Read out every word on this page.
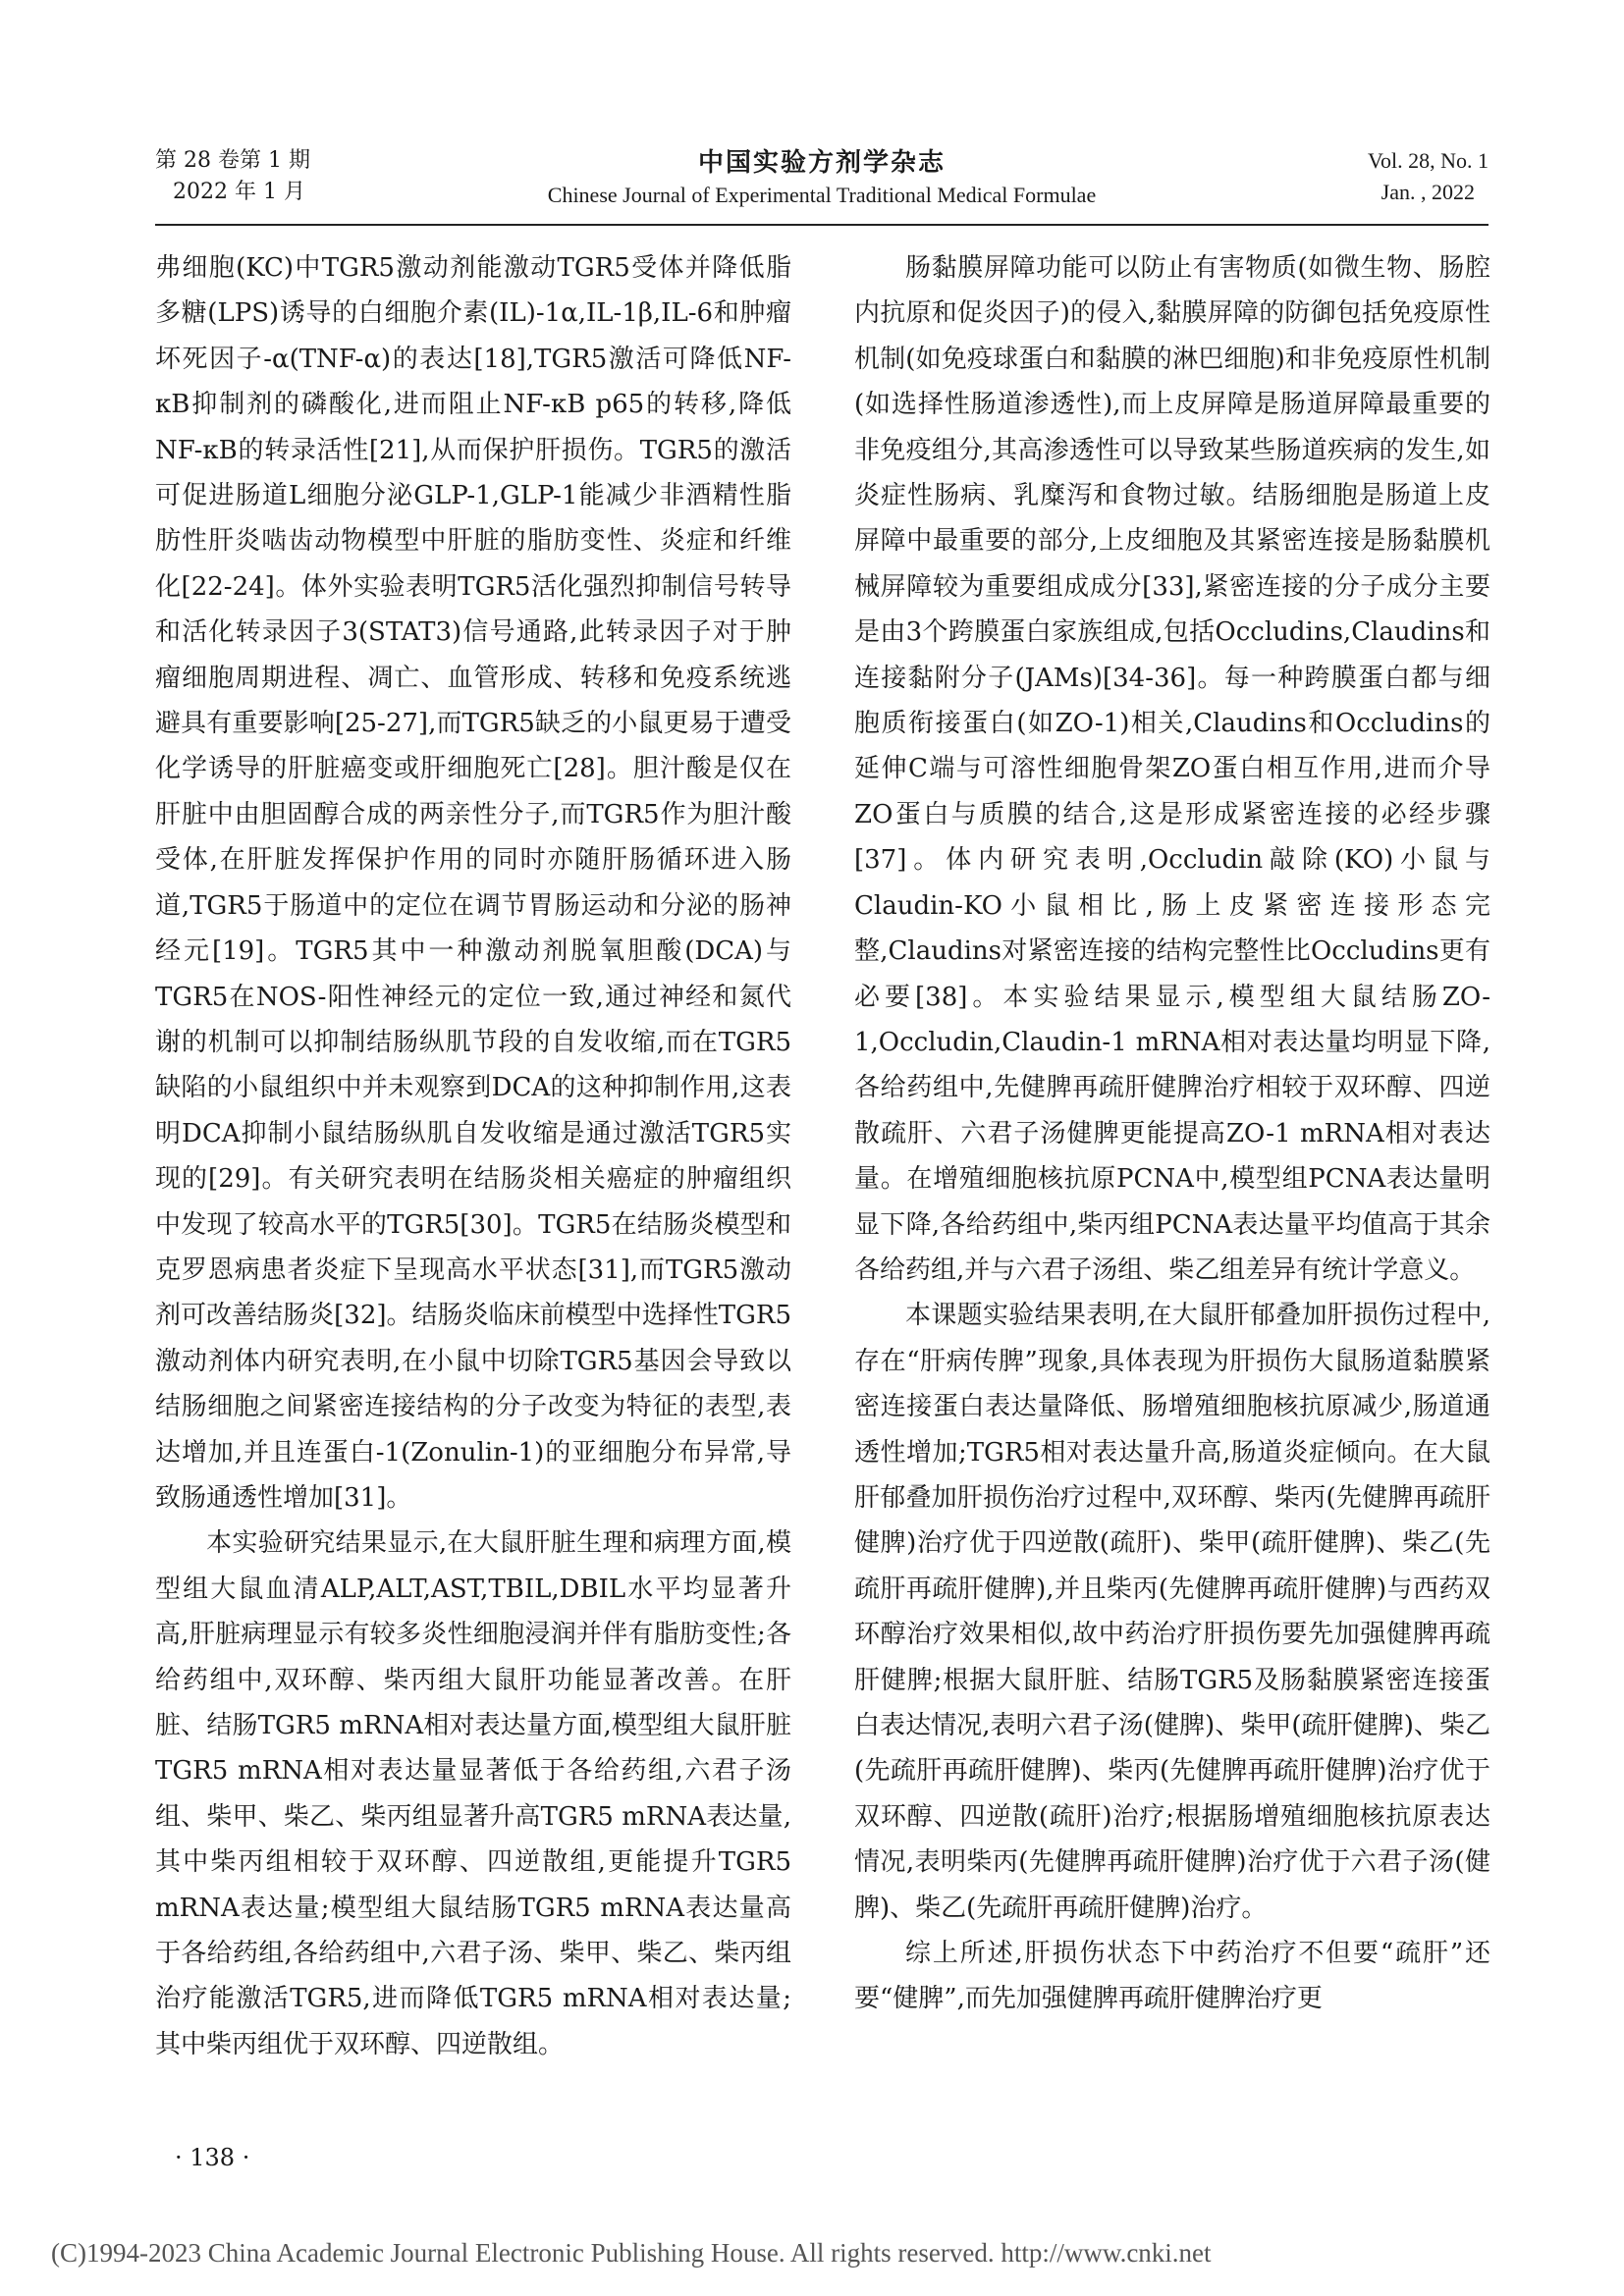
第 28 卷第 1 期
2022 年 1 月
中国实验方剂学杂志
Chinese Journal of Experimental Traditional Medical Formulae
Vol. 28, No. 1
Jan. , 2022

弗细胞(KC)中TGR5激动剂能激动TGR5受体并降低脂多糖(LPS)诱导的白细胞介素(IL)-1α,IL-1β,IL-6和肿瘤坏死因子-α(TNF-α)的表达[18],TGR5激活可降低NF-κB抑制剂的磷酸化,进而阻止NF-κB p65的转移,降低NF-κB的转录活性[21],从而保护肝损伤。TGR5的激活可促进肠道L细胞分泌GLP-1,GLP-1能减少非酒精性脂肪性肝炎啮齿动物模型中肝脏的脂肪变性、炎症和纤维化[22-24]。体外实验表明TGR5活化强烈抑制信号转导和活化转录因子3(STAT3)信号通路,此转录因子对于肿瘤细胞周期进程、凋亡、血管形成、转移和免疫系统逃避具有重要影响[25-27],而TGR5缺乏的小鼠更易于遭受化学诱导的肝脏癌变或肝细胞死亡[28]。胆汁酸是仅在肝脏中由胆固醇合成的两亲性分子,而TGR5作为胆汁酸受体,在肝脏发挥保护作用的同时亦随肝肠循环进入肠道,TGR5于肠道中的定位在调节胃肠运动和分泌的肠神经元[19]。TGR5其中一种激动剂脱氧胆酸(DCA)与TGR5在NOS-阳性神经元的定位一致,通过神经和氮代谢的机制可以抑制结肠纵肌节段的自发收缩,而在TGR5缺陷的小鼠组织中并未观察到DCA的这种抑制作用,这表明DCA抑制小鼠结肠纵肌自发收缩是通过激活TGR5实现的[29]。有关研究表明在结肠炎相关癌症的肿瘤组织中发现了较高水平的TGR5[30]。TGR5在结肠炎模型和克罗恩病患者炎症下呈现高水平状态[31],而TGR5激动剂可改善结肠炎[32]。结肠炎临床前模型中选择性TGR5激动剂体内研究表明,在小鼠中切除TGR5基因会导致以结肠细胞之间紧密连接结构的分子改变为特征的表型,表达增加,并且连蛋白-1(Zonulin-1)的亚细胞分布异常,导致肠通透性增加[31]。

本实验研究结果显示,在大鼠肝脏生理和病理方面,模型组大鼠血清ALP,ALT,AST,TBIL,DBIL水平均显著升高,肝脏病理显示有较多炎性细胞浸润并伴有脂肪变性;各给药组中,双环醇、柴丙组大鼠肝功能显著改善。在肝脏、结肠TGR5 mRNA相对表达量方面,模型组大鼠肝脏TGR5 mRNA相对表达量显著低于各给药组,六君子汤组、柴甲、柴乙、柴丙组显著升高TGR5 mRNA表达量,其中柴丙组相较于双环醇、四逆散组,更能提升TGR5 mRNA表达量;模型组大鼠结肠TGR5 mRNA表达量高于各给药组,各给药组中,六君子汤、柴甲、柴乙、柴丙组治疗能激活TGR5,进而降低TGR5 mRNA相对表达量;其中柴丙组优于双环醇、四逆散组。

肠黏膜屏障功能可以防止有害物质(如微生物、肠腔内抗原和促炎因子)的侵入,黏膜屏障的防御包括免疫原性机制(如免疫球蛋白和黏膜的淋巴细胞)和非免疫原性机制(如选择性肠道渗透性),而上皮屏障是肠道屏障最重要的非免疫组分,其高渗透性可以导致某些肠道疾病的发生,如炎症性肠病、乳糜泻和食物过敏。结肠细胞是肠道上皮屏障中最重要的部分,上皮细胞及其紧密连接是肠黏膜机械屏障较为重要组成成分[33],紧密连接的分子成分主要是由3个跨膜蛋白家族组成,包括Occludins,Claudins和连接黏附分子(JAMs)[34-36]。每一种跨膜蛋白都与细胞质衔接蛋白(如ZO-1)相关,Claudins和Occludins的延伸C端与可溶性细胞骨架ZO蛋白相互作用,进而介导ZO蛋白与质膜的结合,这是形成紧密连接的必经步骤[37]。体内研究表明,Occludin敲除(KO)小鼠与Claudin-KO小鼠相比,肠上皮紧密连接形态完整,Claudins对紧密连接的结构完整性比Occludins更有必要[38]。本实验结果显示,模型组大鼠结肠ZO-1,Occludin,Claudin-1 mRNA相对表达量均明显下降,各给药组中,先健脾再疏肝健脾治疗相较于双环醇、四逆散疏肝、六君子汤健脾更能提高ZO-1 mRNA相对表达量。在增殖细胞核抗原PCNA中,模型组PCNA表达量明显下降,各给药组中,柴丙组PCNA表达量平均值高于其余各给药组,并与六君子汤组、柴乙组差异有统计学意义。

本课题实验结果表明,在大鼠肝郁叠加肝损伤过程中,存在“肝病传脾”现象,具体表现为肝损伤大鼠肠道黏膜紧密连接蛋白表达量降低、肠增殖细胞核抗原减少,肠道通透性增加;TGR5相对表达量升高,肠道炎症倾向。在大鼠肝郁叠加肝损伤治疗过程中,双环醇、柴丙(先健脾再疏肝健脾)治疗优于四逆散(疏肝)、柴甲(疏肝健脾)、柴乙(先疏肝再疏肝健脾),并且柴丙(先健脾再疏肝健脾)与西药双环醇治疗效果相似,故中药治疗肝损伤要先加强健脾再疏肝健脾;根据大鼠肝脏、结肠TGR5及肠黏膜紧密连接蛋白表达情况,表明六君子汤(健脾)、柴甲(疏肝健脾)、柴乙(先疏肝再疏肝健脾)、柴丙(先健脾再疏肝健脾)治疗优于双环醇、四逆散(疏肝)治疗;根据肠增殖细胞核抗原表达情况,表明柴丙(先健脾再疏肝健脾)治疗优于六君子汤(健脾)、柴乙(先疏肝再疏肝健脾)治疗。

综上所述,肝损伤状态下中药治疗不但要“疏肝”还要“健脾”,而先加强健脾再疏肝健脾治疗更

· 138 ·
(C)1994-2023 China Academic Journal Electronic Publishing House. All rights reserved. http://www.cnki.net
